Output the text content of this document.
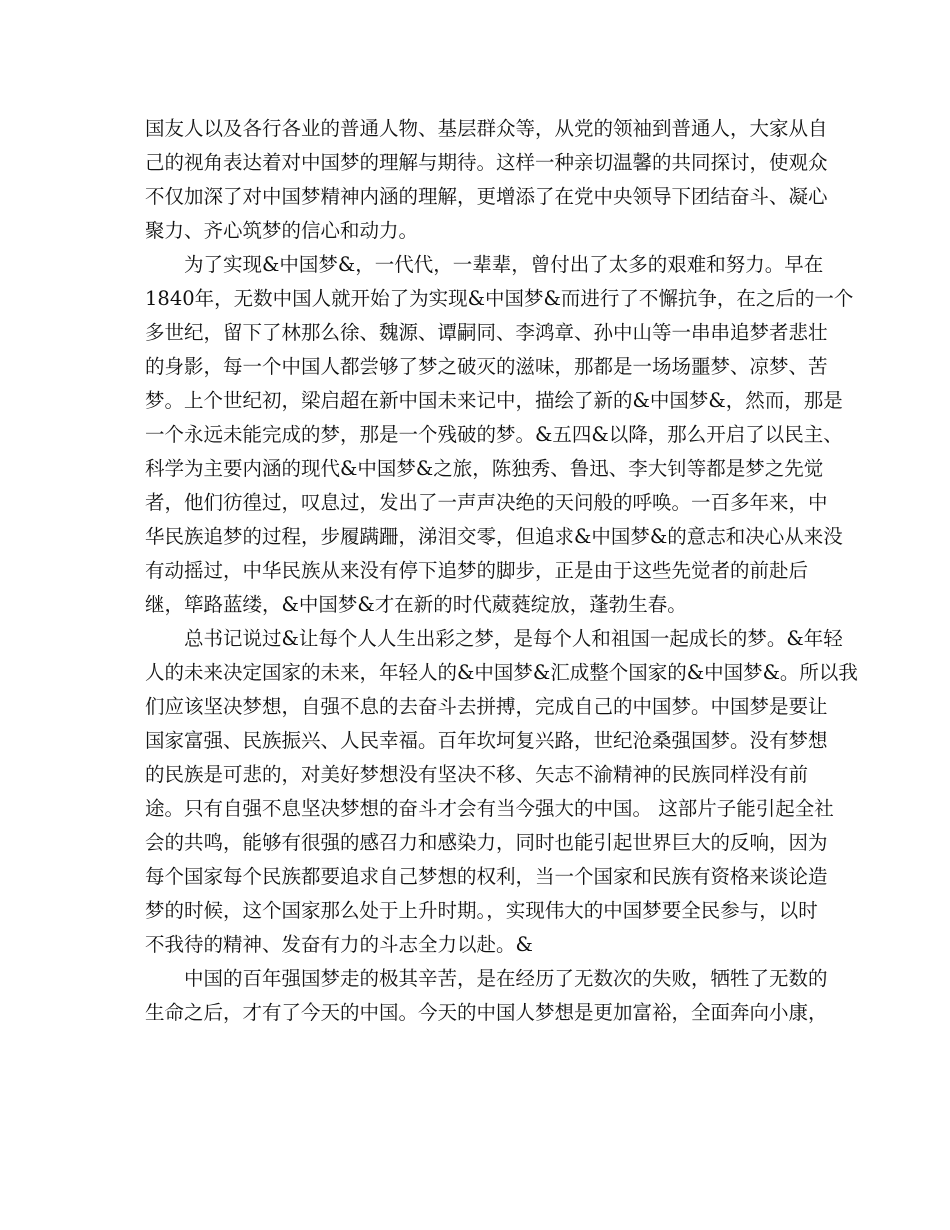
国友人以及各行各业的普通人物、基层群众等，从党的领袖到普通人，大家从自
己的视角表达着对中国梦的理解与期待。这样一种亲切温馨的共同探讨，使观众
不仅加深了对中国梦精神内涵的理解，更增添了在党中央领导下团结奋斗、凝心
聚力、齐心筑梦的信心和动力。
为了实现&中国梦&，一代代，一辈辈，曾付出了太多的艰难和努力。早在
1840年，无数中国人就开始了为实现&中国梦&而进行了不懈抗争，在之后的一个
多世纪，留下了林那么徐、魏源、谭嗣同、李鸿章、孙中山等一串串追梦者悲壮
的身影，每一个中国人都尝够了梦之破灭的滋味，那都是一场场噩梦、凉梦、苦
梦。上个世纪初，梁启超在新中国未来记中，描绘了新的&中国梦&，然而，那是
一个永远未能完成的梦，那是一个残破的梦。&五四&以降，那么开启了以民主、
科学为主要内涵的现代&中国梦&之旅，陈独秀、鲁迅、李大钊等都是梦之先觉
者，他们彷徨过，叹息过，发出了一声声决绝的天问般的呼唤。一百多年来，中
华民族追梦的过程，步履蹒跚，涕泪交零，但追求&中国梦&的意志和决心从来没
有动摇过，中华民族从来没有停下追梦的脚步，正是由于这些先觉者的前赴后
继，筚路蓝缕，&中国梦&才在新的时代葳蕤绽放，蓬勃生春。
总书记说过&让每个人人生出彩之梦，是每个人和祖国一起成长的梦。&年轻
人的未来决定国家的未来，年轻人的&中国梦&汇成整个国家的&中国梦&。所以我
们应该坚决梦想，自强不息的去奋斗去拼搏，完成自己的中国梦。中国梦是要让
国家富强、民族振兴、人民幸福。百年坎坷复兴路，世纪沧桑强国梦。没有梦想
的民族是可悲的，对美好梦想没有坚决不移、矢志不渝精神的民族同样没有前
途。只有自强不息坚决梦想的奋斗才会有当今强大的中国。 这部片子能引起全社
会的共鸣，能够有很强的感召力和感染力，同时也能引起世界巨大的反响，因为
每个国家每个民族都要追求自己梦想的权利，当一个国家和民族有资格来谈论造
梦的时候，这个国家那么处于上升时期。，实现伟大的中国梦要全民参与，以时
不我待的精神、发奋有力的斗志全力以赴。&
中国的百年强国梦走的极其辛苦，是在经历了无数次的失败，牺牲了无数的
生命之后，才有了今天的中国。今天的中国人梦想是更加富裕，全面奔向小康，
